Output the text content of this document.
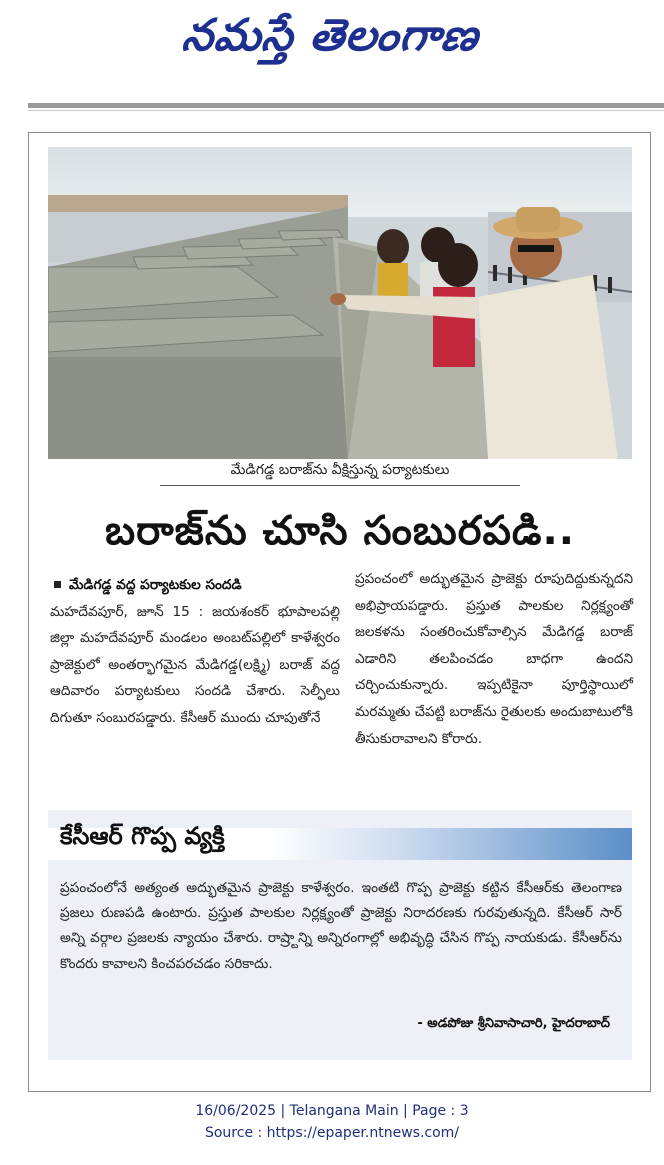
నమస్తే తెలంగాణ
మేడిగడ్డ బరాజ్‌ను వీక్షిస్తున్న పర్యాటకులు
బరాజ్‌ను చూసి సంబురపడి..
మేడిగడ్డ వద్ద పర్యాటకుల సందడి
మహదేవపూర్, జూన్ 15 : జయశంకర్ భూపాలపల్లి జిల్లా మహదేవపూర్ మండలం అంబట్‌పల్లిలో కాళేశ్వరం ప్రాజెక్టులో అంతర్భాగమైన మేడిగడ్డ(లక్ష్మి) బరాజ్ వద్ద ఆదివారం పర్యాటకులు సందడి చేశారు. సెల్ఫీలు దిగుతూ సంబురపడ్డారు. కేసీఆర్ ముందు చూపుతోనే
ప్రపంచంలో అద్భుతమైన ప్రాజెక్టు రూపుదిద్దుకున్నదని అభిప్రాయపడ్డారు. ప్రస్తుత పాలకుల నిర్లక్ష్యంతో జలకళను సంతరించుకోవాల్సిన మేడిగడ్డ బరాజ్ ఎడారిని తలపించడం బాధగా ఉందని చర్చించుకున్నారు. ఇప్పటికైనా పూర్తిస్థాయిలో మరమ్మతు చేపట్టి బరాజ్‌ను రైతులకు అందుబాటులోకి తీసుకురావాలని కోరారు.
కేసీఆర్ గొప్ప వ్యక్తి
ప్రపంచంలోనే అత్యంత అద్భుతమైన ప్రాజెక్టు కాళేశ్వరం. ఇంతటి గొప్ప ప్రాజెక్టు కట్టిన కేసీఆర్‌కు తెలంగాణ ప్రజలు రుణపడి ఉంటారు. ప్రస్తుత పాలకుల నిర్లక్ష్యంతో ప్రాజెక్టు నిరాదరణకు గురవుతున్నది. కేసీఆర్ సార్ అన్ని వర్గాల ప్రజలకు న్యాయం చేశారు. రాష్ర్టాన్ని అన్నిరంగాల్లో అభివృద్ధి చేసిన గొప్ప నాయకుడు. కేసీఆర్‌ను కొందరు కావాలని కించపరచడం సరికాదు.
- అడపోజు శ్రీనివాసాచారి, హైదరాబాద్
16/06/2025 | Telangana Main | Page : 3
Source : https://epaper.ntnews.com/
